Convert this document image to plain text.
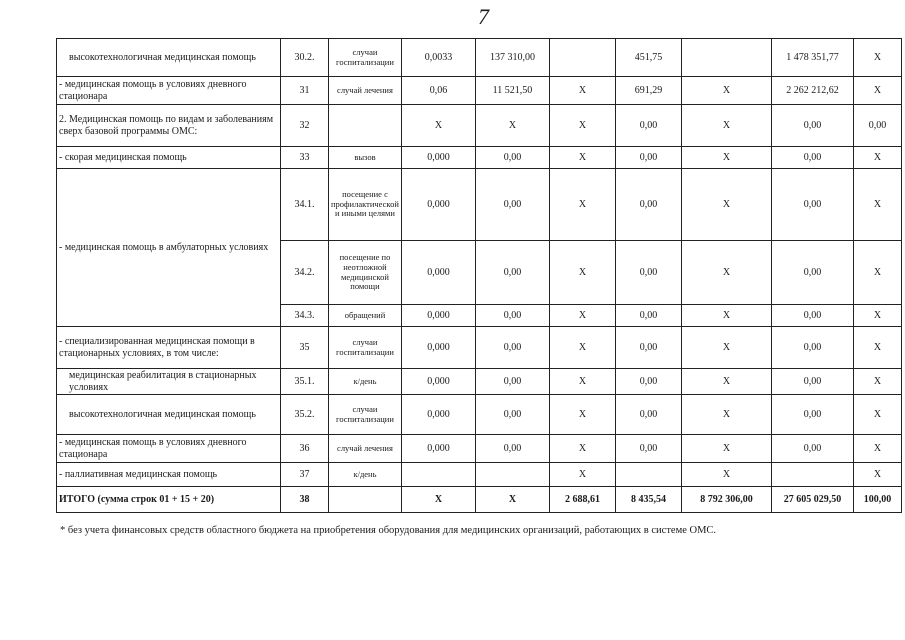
7
высокотехнологичная медицинская помощь	30.2.	случаи госпитализации	0,0033	137 310,00		451,75		1 478 351,77	X
- медицинская помощь в условиях дневного стационара	31	случай лечения	0,06	11 521,50	X	691,29	X	2 262 212,62	X
2. Медицинская помощь по видам и заболеваниям сверх базовой программы ОМС:	32		X	X	X	0,00	X	0,00	0,00
- скорая медицинская помощь	33	вызов	0,000	0,00	X	0,00	X	0,00	X
- медицинская помощь в амбулаторных условиях	34.1.	посещение с профилактической и иными целями	0,000	0,00	X	0,00	X	0,00	X
	34.2.	посещение по неотложной медицинской помощи	0,000	0,00	X	0,00	X	0,00	X
	34.3.	обращений	0,000	0,00	X	0,00	X	0,00	X
- специализированная медицинская помощи в стационарных условиях, в том числе:	35	случаи госпитализации	0,000	0,00	X	0,00	X	0,00	X
медицинская реабилитация в стационарных условиях	35.1.	к/день	0,000	0,00	X	0,00	X	0,00	X
высокотехнологичная медицинская помощь	35.2.	случаи госпитализации	0,000	0,00	X	0,00	X	0,00	X
- медицинская помощь в условиях дневного стационара	36	случай лечения	0,000	0,00	X	0,00	X	0,00	X
- паллиативная медицинская помощь	37	к/день			X		X		X
ИТОГО (сумма строк 01 + 15 + 20)	38		X	X	2 688,61	8 435,54	8 792 306,00	27 605 029,50	100,00
* без учета финансовых средств областного бюджета на приобретения оборудования для медицинских организаций, работающих в системе ОМС.
